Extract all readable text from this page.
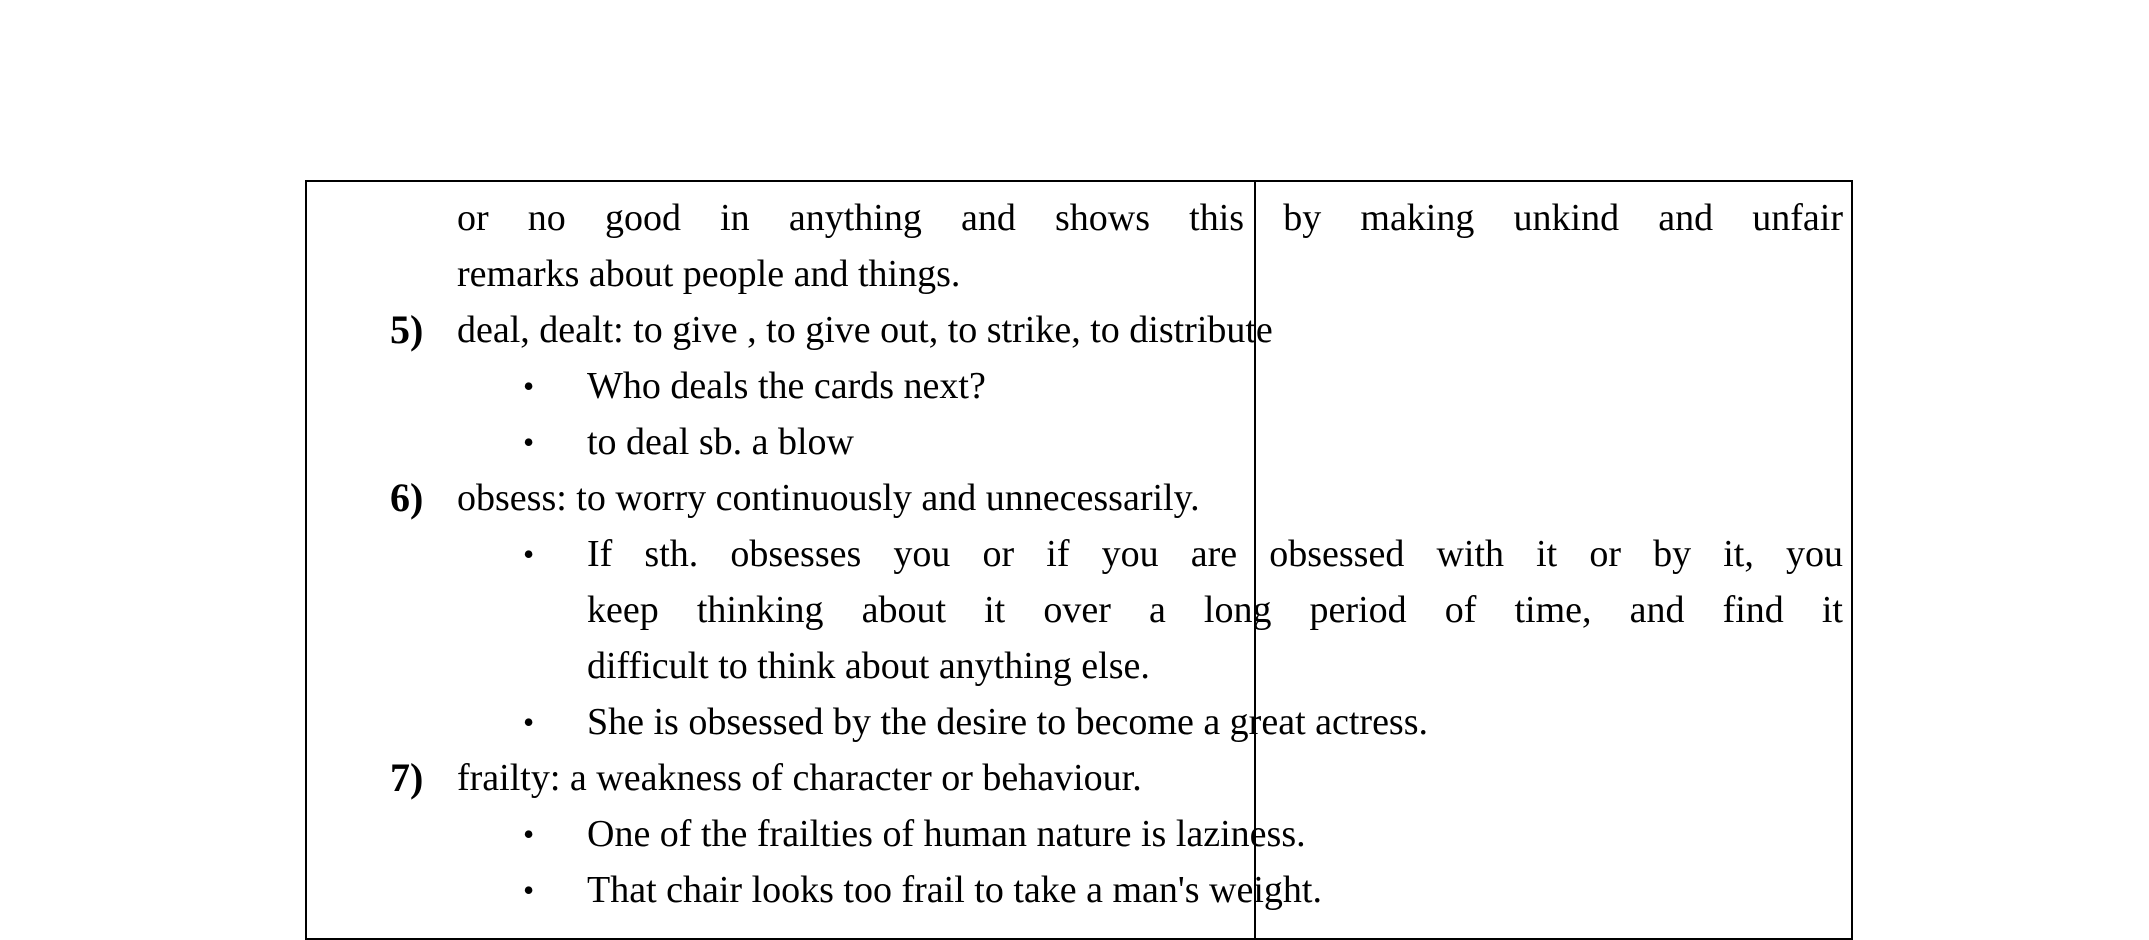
or no good in anything and shows this by making unkind and unfair
remarks about people and things.
5) deal, dealt: to give , to give out, to strike, to distribute
• Who deals the cards next?
• to deal sb. a blow
6) obsess: to worry continuously and unnecessarily.
• If sth. obsesses you or if you are obsessed with it or by it, you
keep thinking about it over a long period of time, and find it
difficult to think about anything else.
• She is obsessed by the desire to become a great actress.
7) frailty: a weakness of character or behaviour.
• One of the frailties of human nature is laziness.
• That chair looks too frail to take a man's weight.
